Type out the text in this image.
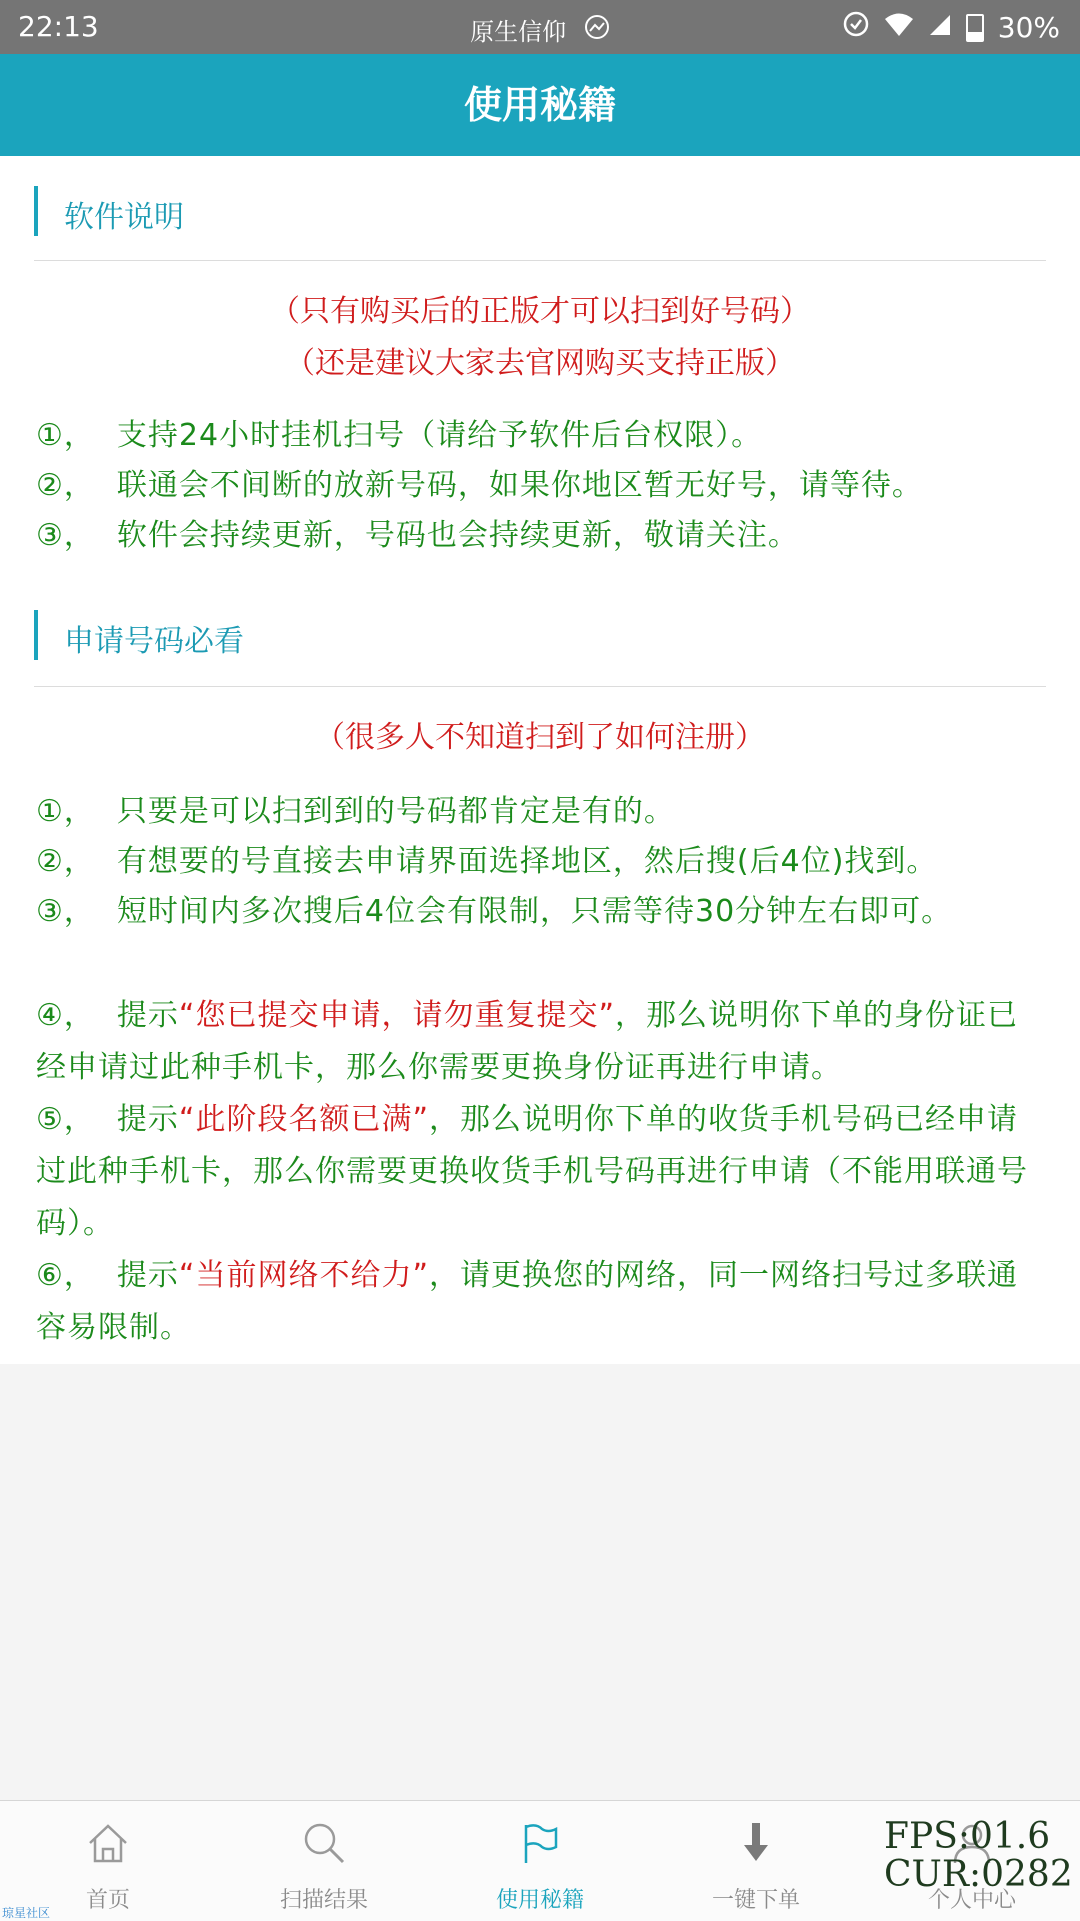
22:13	原生信仰	30%
使用秘籍
软件说明
（只有购买后的正版才可以扫到好号码）
（还是建议大家去官网购买支持正版）
①， 支持24小时挂机扫号（请给予软件后台权限）。
②， 联通会不间断的放新号码，如果你地区暂无好号，请等待。
③， 软件会持续更新，号码也会持续更新，敬请关注。
申请号码必看
（很多人不知道扫到了如何注册）
①， 只要是可以扫到到的号码都肯定是有的。
②， 有想要的号直接去申请界面选择地区，然后搜(后4位)找到。
③， 短时间内多次搜后4位会有限制，只需等待30分钟左右即可。
④， 提示“您已提交申请，请勿重复提交”，那么说明你下单的身份证已经申请过此种手机卡，那么你需要更换身份证再进行申请。
⑤， 提示“此阶段名额已满”，那么说明你下单的收货手机号码已经申请过此种手机卡，那么你需要更换收货手机号码再进行申请（不能用联通号码）。
⑥， 提示“当前网络不给力”，请更换您的网络，同一网络扫号过多联通容易限制。
首页	扫描结果	使用秘籍	一键下单	个人中心
FPS:01.6
CUR:0282
琼星社区
